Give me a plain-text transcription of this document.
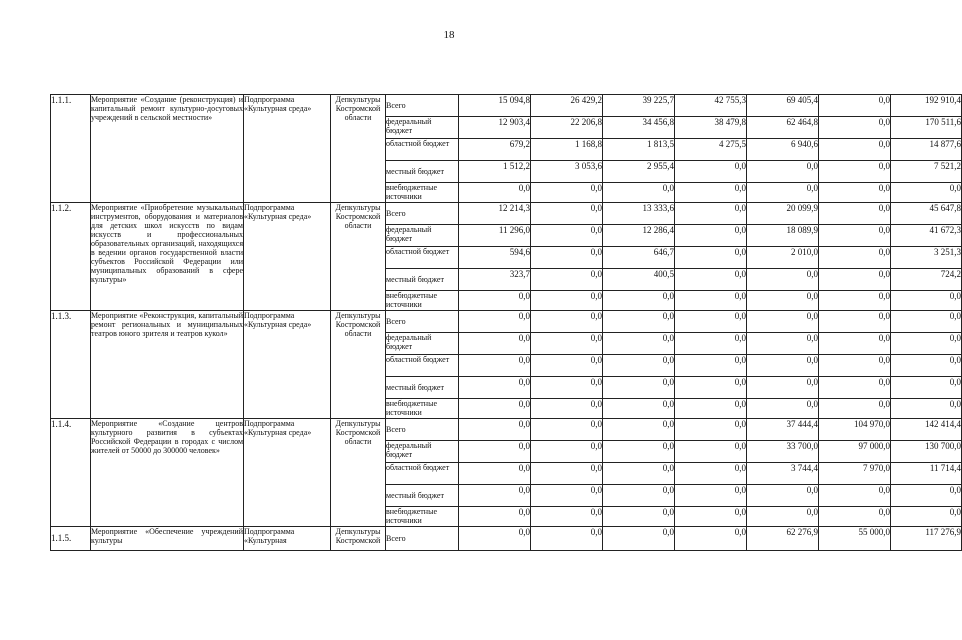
18
1.1.1.	Мероприятие «Создание (реконструкция) и капитальный ремонт культурно-досуговых учреждений в сельской местности»	Подпрограмма «Культурная среда»	Депкультуры Костромской области	Всего	15 094,8	26 429,2	39 225,7	42 755,3	69 405,4	0,0	192 910,4
				федеральный бюджет	12 903,4	22 206,8	34 456,8	38 479,8	62 464,8	0,0	170 511,6
				областной бюджет	679,2	1 168,8	1 813,5	4 275,5	6 940,6	0,0	14 877,6
				местный бюджет	1 512,2	3 053,6	2 955,4	0,0	0,0	0,0	7 521,2
				внебюджетные источники	0,0	0,0	0,0	0,0	0,0	0,0	0,0
1.1.2.	Мероприятие «Приобретение музыкальных инструментов, оборудования и материалов для детских школ искусств по видам искусств и профессиональных образовательных организаций, находящихся в ведении органов государственной власти субъектов Российской Федерации или муниципальных образований в сфере культуры»	Подпрограмма «Культурная среда»	Депкультуры Костромской области	Всего	12 214,3	0,0	13 333,6	0,0	20 099,9	0,0	45 647,8
				федеральный бюджет	11 296,0	0,0	12 286,4	0,0	18 089,9	0,0	41 672,3
				областной бюджет	594,6	0,0	646,7	0,0	2 010,0	0,0	3 251,3
				местный бюджет	323,7	0,0	400,5	0,0	0,0	0,0	724,2
				внебюджетные источники	0,0	0,0	0,0	0,0	0,0	0,0	0,0
1.1.3.	Мероприятие «Реконструкция, капитальный ремонт региональных и муниципальных театров юного зрителя и театров кукол»	Подпрограмма «Культурная среда»	Депкультуры Костромской области	Всего	0,0	0,0	0,0	0,0	0,0	0,0	0,0
				федеральный бюджет	0,0	0,0	0,0	0,0	0,0	0,0	0,0
				областной бюджет	0,0	0,0	0,0	0,0	0,0	0,0	0,0
				местный бюджет	0,0	0,0	0,0	0,0	0,0	0,0	0,0
				внебюджетные источники	0,0	0,0	0,0	0,0	0,0	0,0	0,0
1.1.4.	Мероприятие «Создание центров культурного развития в субъектах Российской Федерации в городах с числом жителей от 50000 до 300000 человек»	Подпрограмма «Культурная среда»	Депкультуры Костромской области	Всего	0,0	0,0	0,0	0,0	37 444,4	104 970,0	142 414,4
				федеральный бюджет	0,0	0,0	0,0	0,0	33 700,0	97 000,0	130 700,0
				областной бюджет	0,0	0,0	0,0	0,0	3 744,4	7 970,0	11 714,4
				местный бюджет	0,0	0,0	0,0	0,0	0,0	0,0	0,0
				внебюджетные источники	0,0	0,0	0,0	0,0	0,0	0,0	0,0
1.1.5.	Мероприятие «Обеспечение учреждений культуры	Подпрограмма «Культурная	Депкультуры Костромской	Всего	0,0	0,0	0,0	0,0	62 276,9	55 000,0	117 276,9
